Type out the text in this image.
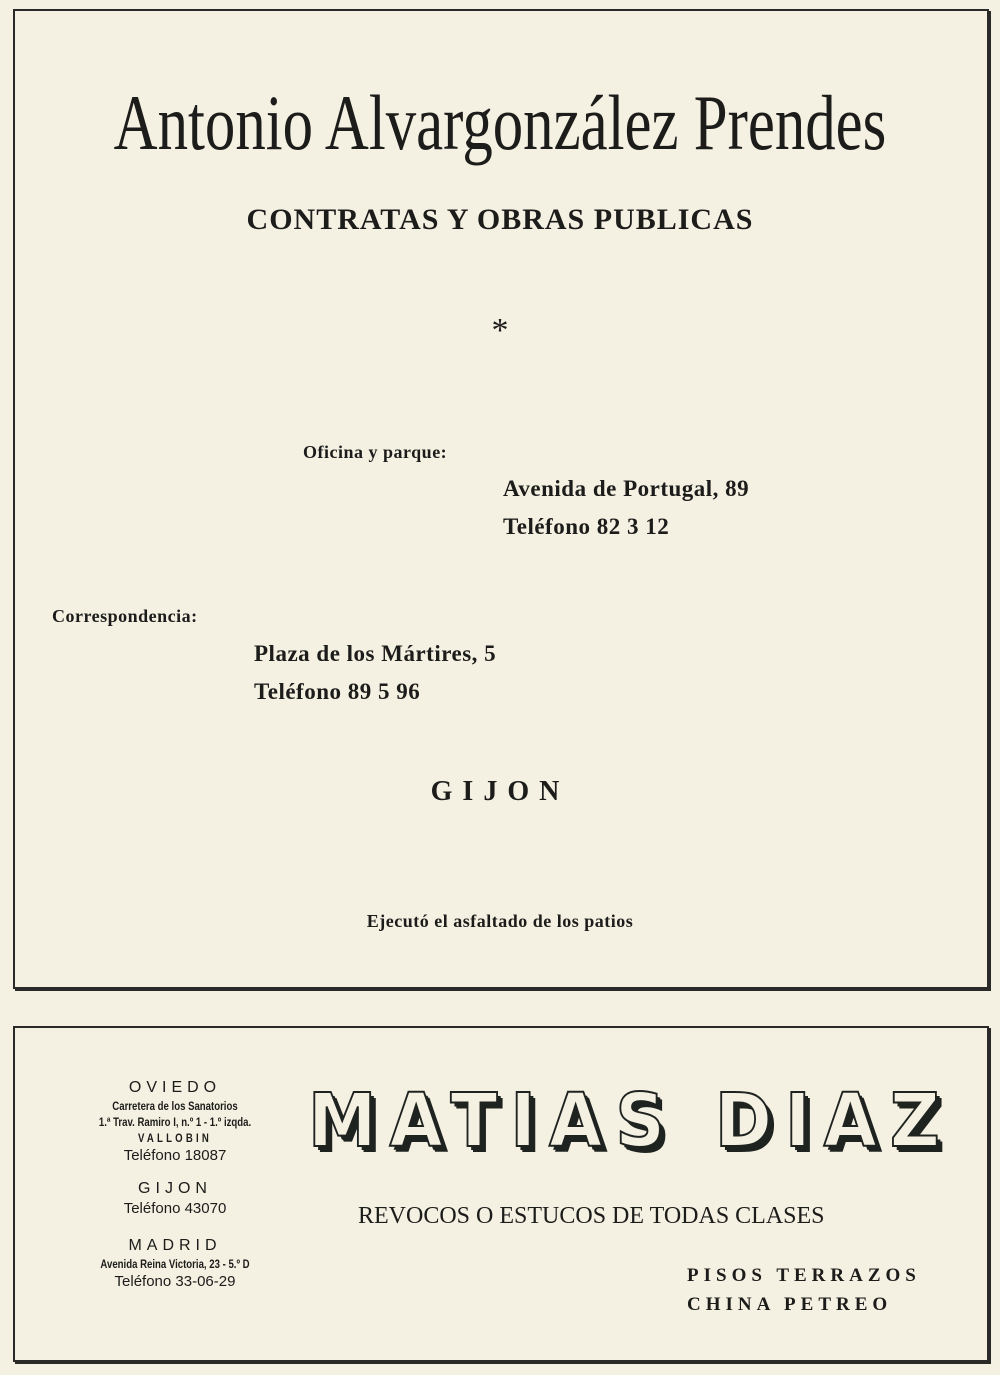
Antonio Alvargonzález Prendes
CONTRATAS Y OBRAS PUBLICAS
*
Oficina y parque:
Avenida de Portugal, 89
Teléfono 82 3 12
Correspondencia:
Plaza de los Mártires, 5
Teléfono 89 5 96
GIJON
Ejecutó el asfaltado de los patios
OVIEDO
Carretera de los Sanatorios
1.ª Trav. Ramiro I, n.º 1 - 1.º izqda.
VALLOBIN
Teléfono 18087
GIJON
Teléfono 43070
MADRID
Avenida Reina Victoria, 23 - 5.º D
Teléfono 33-06-29
MATIAS DIAZ
REVOCOS O ESTUCOS DE TODAS CLASES
PISOS TERRAZOS
CHINA PETREO
